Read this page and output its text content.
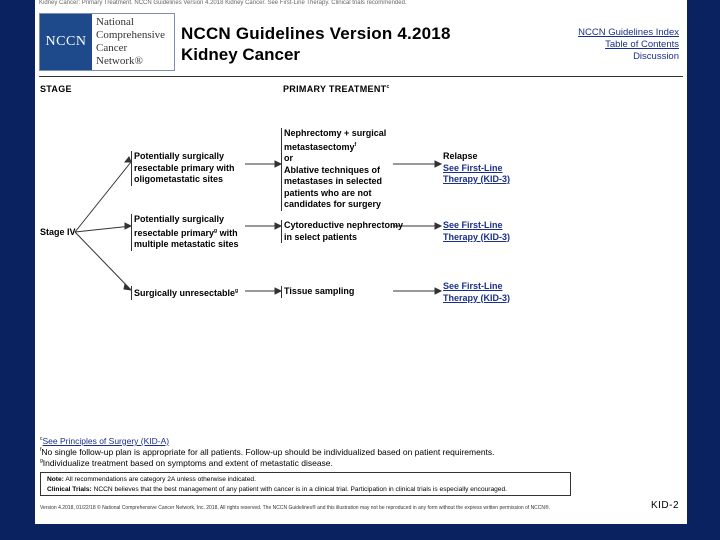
Kidney Cancer: Primary Treatment. NCCN Guidelines Version 4.2018 Kidney Cancer. See First-Line Therapy. Clinical trials recommended.
NCCN
National
Comprehensive
Cancer
Network®
NCCN Guidelines Version 4.2018
Kidney Cancer
NCCN Guidelines Index
Table of Contents
Discussion
STAGE	PRIMARY TREATMENT$^c$
Stage IV
Potentially surgically
resectable primary with
oligometastatic sites
Nephrectomy + surgical
metastasectomy$^f$
or
Ablative techniques of
metastases in selected
patients who are not
candidates for surgery
Relapse
See First-Line
Therapy (KID-3)
Potentially surgically
resectable primary$^g$ with
multiple metastatic sites
Cytoreductive nephrectomy
in select patients
See First-Line
Therapy (KID-3)
Surgically unresectable$^g$	Tissue sampling	See First-Line
Therapy (KID-3)
$^c$See Principles of Surgery (KID-A)
$^f$No single follow-up plan is appropriate for all patients. Follow-up should be individualized based on patient requirements.
$^g$Individualize treatment based on symptoms and extent of metastatic disease.
Note: All recommendations are category 2A unless otherwise indicated.
Clinical Trials: NCCN believes that the best management of any patient with cancer is in a clinical trial. Participation in clinical trials is especially encouraged.
Version 4.2018, 01/22/18 © National Comprehensive Cancer Network, Inc. 2018, All rights reserved. The NCCN Guidelines® and this illustration may not be reproduced in any form without the express written permission of NCCN®.	KID-2
